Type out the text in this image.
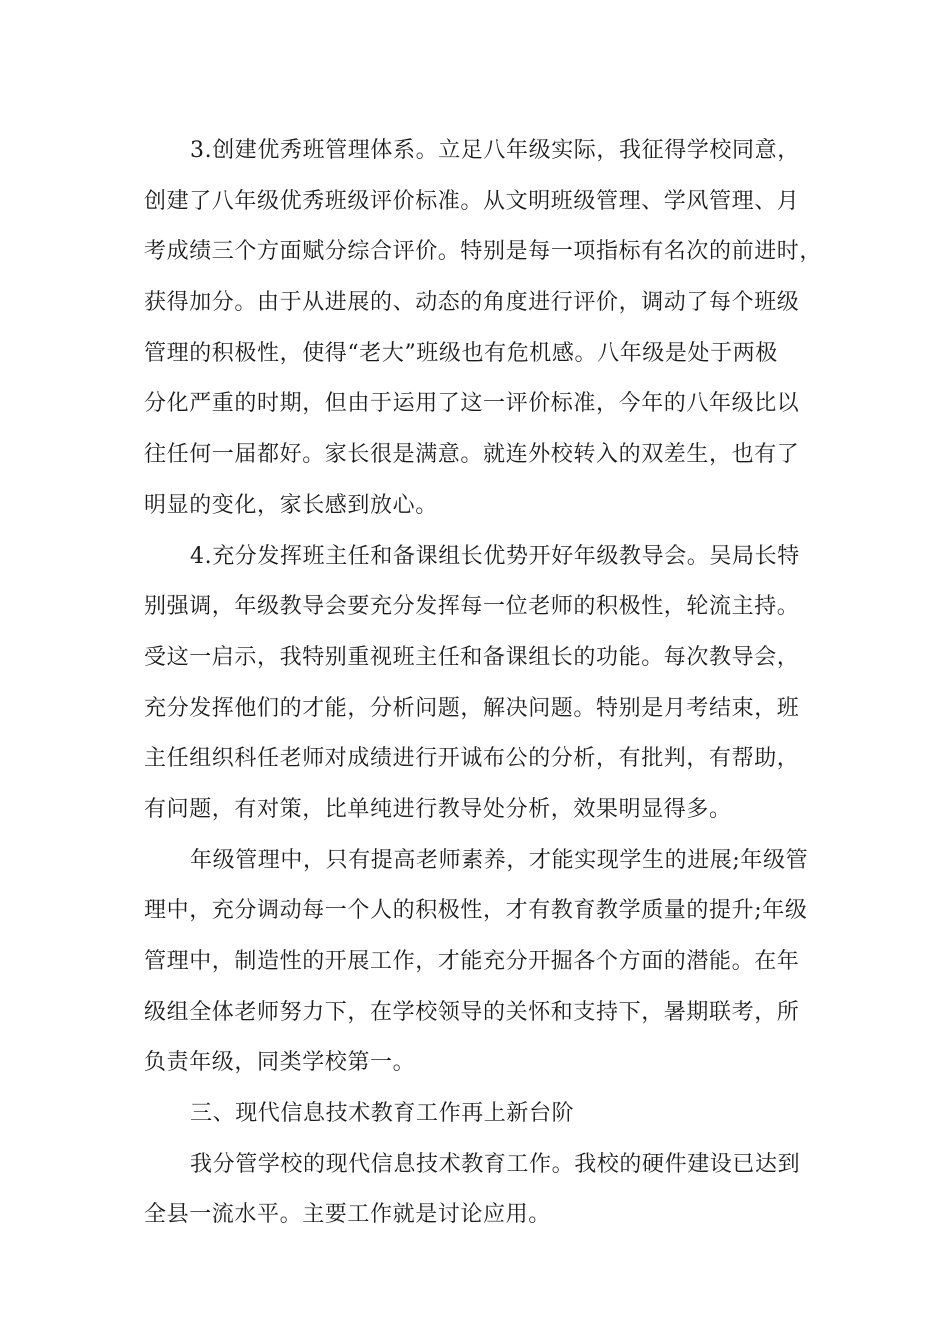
3.创建优秀班管理体系。立足八年级实际，我征得学校同意，
创建了八年级优秀班级评价标准。从文明班级管理、学风管理、月
考成绩三个方面赋分综合评价。特别是每一项指标有名次的前进时，
获得加分。由于从进展的、动态的角度进行评价，调动了每个班级
管理的积极性，使得“老大”班级也有危机感。八年级是处于两极
分化严重的时期，但由于运用了这一评价标准，今年的八年级比以
往任何一届都好。家长很是满意。就连外校转入的双差生，也有了
明显的变化，家长感到放心。
4.充分发挥班主任和备课组长优势开好年级教导会。吴局长特
别强调，年级教导会要充分发挥每一位老师的积极性，轮流主持。
受这一启示，我特别重视班主任和备课组长的功能。每次教导会，
充分发挥他们的才能，分析问题，解决问题。特别是月考结束，班
主任组织科任老师对成绩进行开诚布公的分析，有批判，有帮助，
有问题，有对策，比单纯进行教导处分析，效果明显得多。
年级管理中，只有提高老师素养，才能实现学生的进展;年级管
理中，充分调动每一个人的积极性，才有教育教学质量的提升;年级
管理中，制造性的开展工作，才能充分开掘各个方面的潜能。在年
级组全体老师努力下，在学校领导的关怀和支持下，暑期联考，所
负责年级，同类学校第一。
三、现代信息技术教育工作再上新台阶
我分管学校的现代信息技术教育工作。我校的硬件建设已达到
全县一流水平。主要工作就是讨论应用。
